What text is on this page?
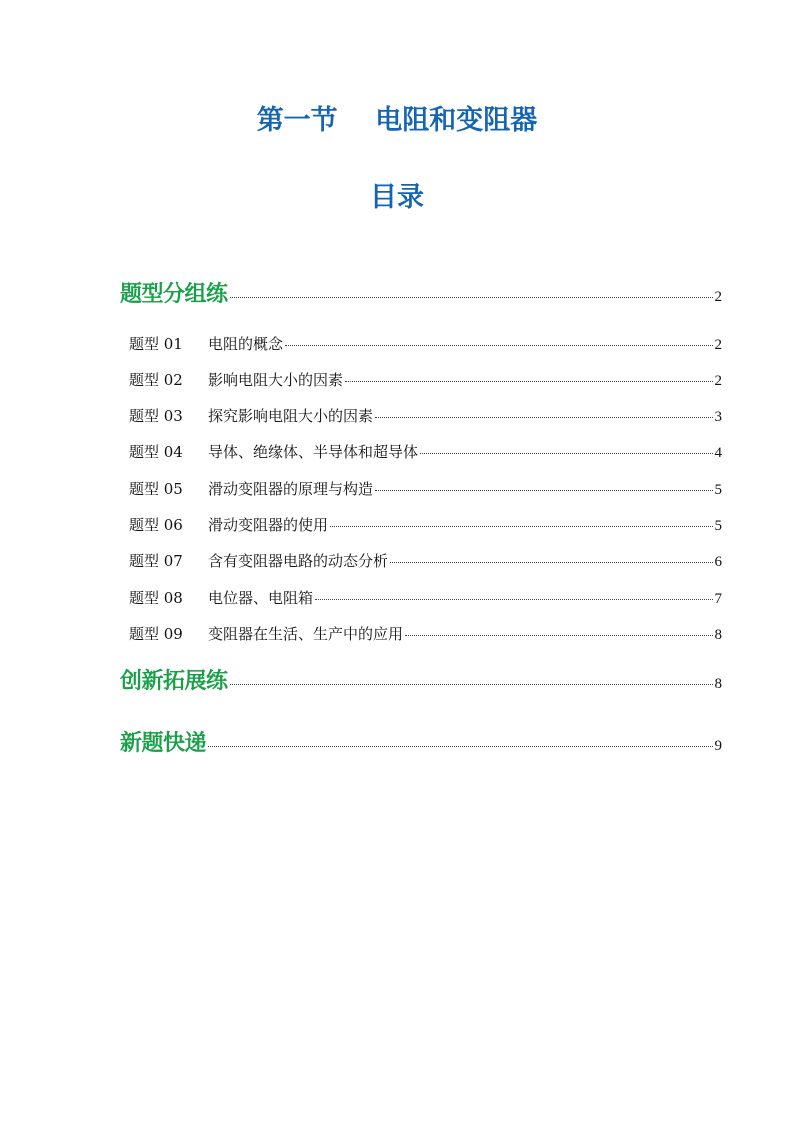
第一节    电阻和变阻器
目录
题型分组练	2
题型 01	电阻的概念	2
题型 02	影响电阻大小的因素	2
题型 03	探究影响电阻大小的因素	3
题型 04	导体、绝缘体、半导体和超导体	4
题型 05	滑动变阻器的原理与构造	5
题型 06	滑动变阻器的使用	5
题型 07	含有变阻器电路的动态分析	6
题型 08	电位器、电阻箱	7
题型 09	变阻器在生活、生产中的应用	8
创新拓展练	8
新题快递	9
